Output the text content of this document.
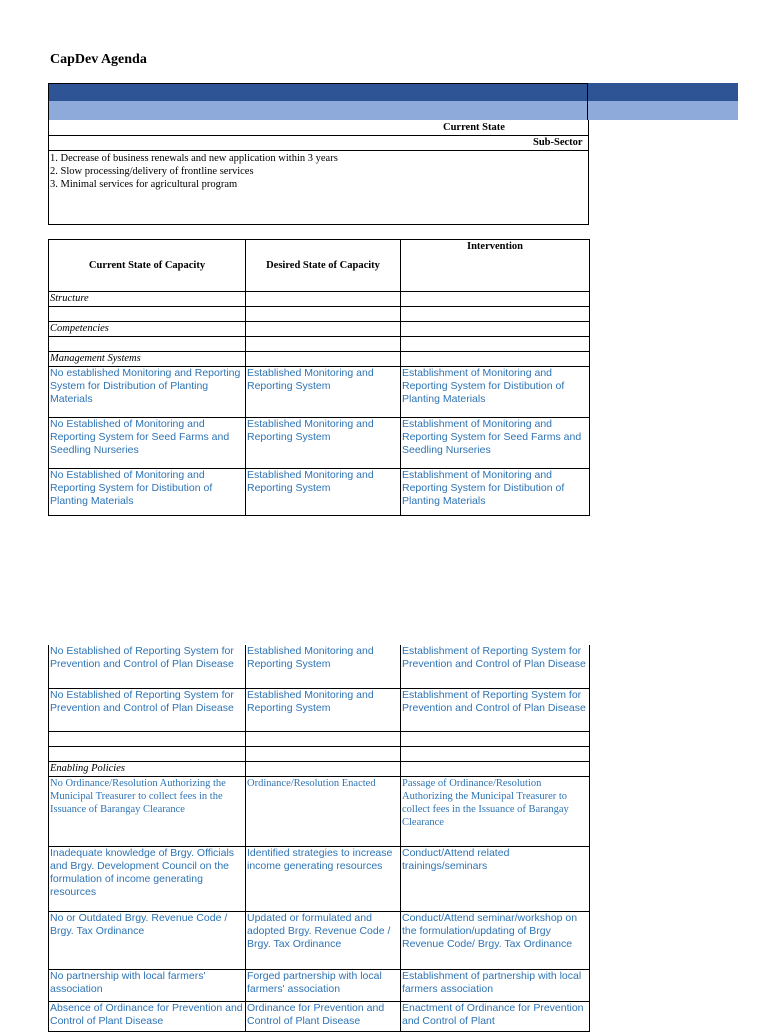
CapDev Agenda
Current State
Sub-Sector
1. Decrease of business renewals and new application within 3 years
2. Slow processing/delivery of frontline services
3. Minimal services for agricultural program
Current State of Capacity	Desired State of Capacity	Intervention
Structure		

Competencies		

Management Systems		
No established Monitoring and Reporting System for Distribution of Planting Materials	Established Monitoring and Reporting System	Establishment of Monitoring and Reporting System for Distibution of Planting Materials
No Established of Monitoring and Reporting System for Seed Farms and Seedling Nurseries	Established Monitoring and Reporting System	Establishment of Monitoring and Reporting System for Seed Farms and Seedling Nurseries
No Established of Monitoring and Reporting System for Distibution of Planting Materials	Established Monitoring and Reporting System	Establishment of Monitoring and Reporting System for Distibution of Planting Materials
No Established of Reporting System for Prevention and Control of Plan Disease	Established Monitoring and Reporting System	Establishment of Reporting System for Prevention and Control of Plan Disease
No Established of Reporting System for Prevention and Control of Plan Disease	Established Monitoring and Reporting System	Establishment of Reporting System for Prevention and Control of Plan Disease

Enabling Policies		
No Ordinance/Resolution Authorizing the Municipal Treasurer to collect fees in the Issuance of Barangay Clearance	Ordinance/Resolution Enacted	Passage of Ordinance/Resolution Authorizing the Municipal Treasurer to collect fees in the Issuance of Barangay Clearance
Inadequate knowledge of Brgy. Officials and Brgy. Development Council on the formulation of income generating resources	Identified strategies to increase income generating resources	Conduct/Attend related trainings/seminars
No or Outdated Brgy. Revenue Code / Brgy. Tax Ordinance	Updated or formulated and adopted Brgy. Revenue Code / Brgy. Tax Ordinance	Conduct/Attend seminar/workshop on the formulation/updating of Brgy Revenue Code/ Brgy. Tax Ordinance
No partnership with local farmers' association	Forged partnership with local farmers' association	Establishment of partnership with local farmers association
Absence of Ordinance for Prevention and Control of Plant Disease	Ordinance for Prevention and Control of Plant Disease	Enactment of Ordinance for Prevention and Control of Plant
